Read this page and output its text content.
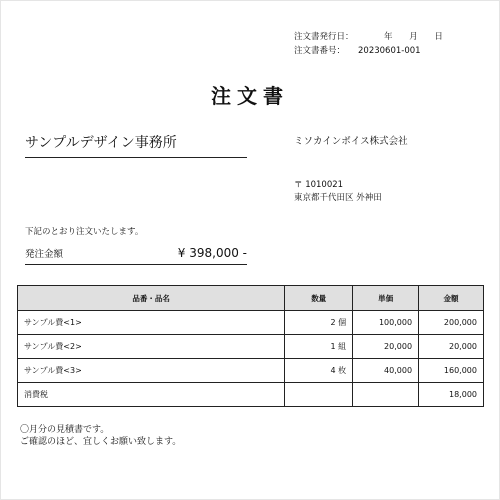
注文書発行日：	年 月 日
注文書番号：	20230601-001
注文書
サンプルデザイン事務所	ミソカインボイス株式会社
〒 1010021
東京都千代田区 外神田
下記のとおり注文いたします。
発注金額	¥ 398,000 -
品番・品名	数量	単価	金額
サンプル費<1>	2 個	100,000	200,000
サンプル費<2>	1 組	20,000	20,000
サンプル費<3>	4 枚	40,000	160,000
消費税			18,000
〇月分の見積書です。
ご確認のほど、宜しくお願い致します。
